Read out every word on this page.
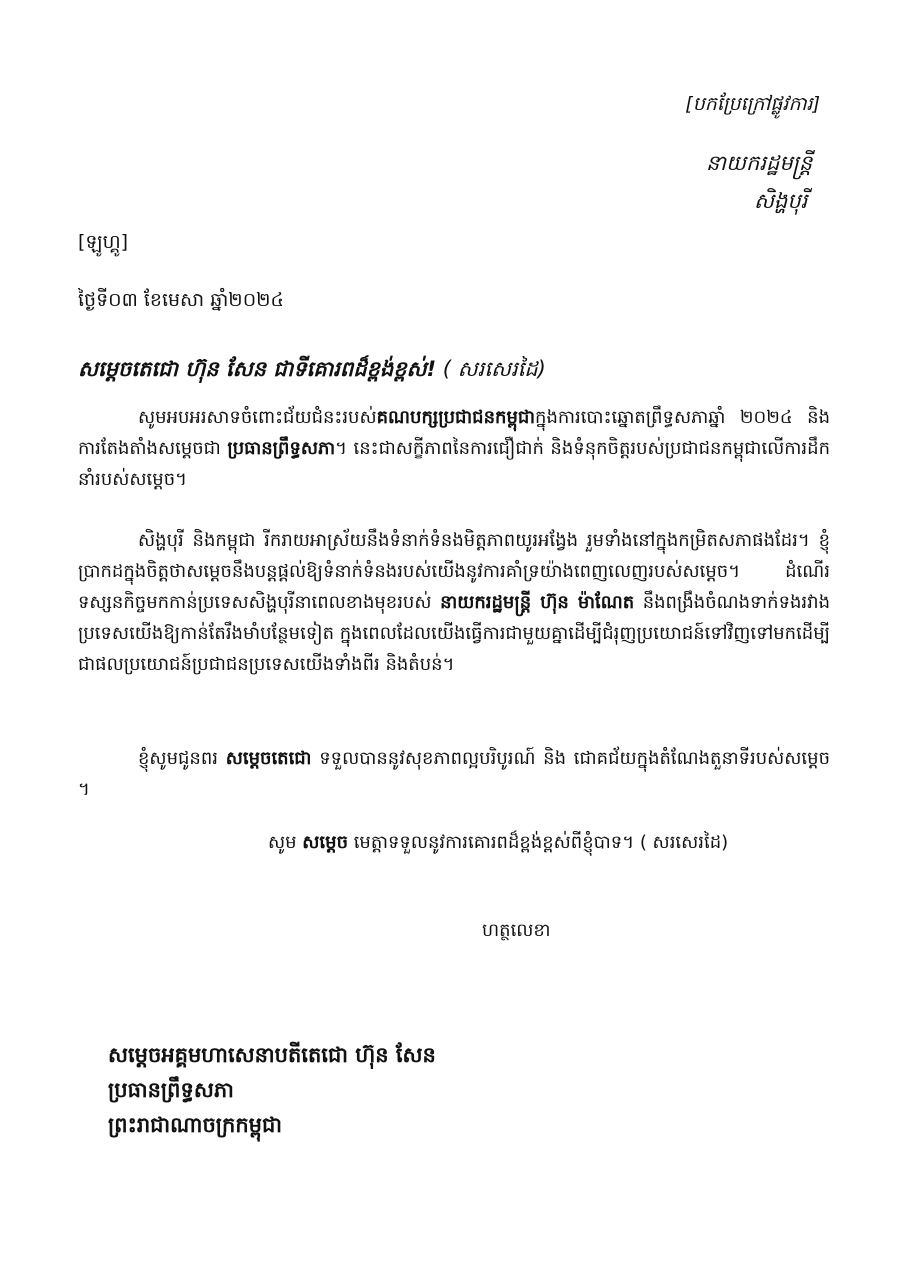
[បកប្រែក្រៅផ្លូវការ]
នាយករដ្ឋមន្ត្រី
សិង្ហបុរី
[ឡូហ្គូ]
ថ្ងៃទី០៣ ខែមេសា ឆ្នាំ២០២៤
សម្តេចតេជោ ហ៊ុន សែន ជាទីគោរពដ៏ខ្ពង់ខ្ពស់! ( សរសេរដៃ)

សូមអបអរសាទចំពោះជ័យជំនះរបស់គណបក្សប្រជាជនកម្ពុជាក្នុងការបោះឆ្នោតព្រឹទ្ធសភាឆ្នាំ ២០២៤ និងការតែងតាំងសម្តេចជា ប្រធានព្រឹទ្ធសភា។ នេះជាសក្ខីភាពនៃការជឿជាក់ និងទំនុកចិត្តរបស់ប្រជាជនកម្ពុជាលើការដឹកនាំរបស់សម្តេច។

សិង្ហបុរី និងកម្ពុជា រីករាយអាស្រ័យនឹងទំនាក់ទំនងមិត្តភាពយូរអង្វែង រួមទាំងនៅក្នុងកម្រិតសភាផងដែរ។ ខ្ញុំប្រាកដក្នុងចិត្តថាសម្តេចនឹងបន្តផ្តល់ឱ្យទំនាក់ទំនងរបស់យើងនូវការគាំទ្រយ៉ាងពេញលេញរបស់សម្តេច។ ដំណើរទស្សនកិច្ចមកកាន់ប្រទេសសិង្ហបុរីនាពេលខាងមុខរបស់ នាយករដ្ឋមន្ត្រី ហ៊ុន ម៉ាណែត នឹងពង្រឹងចំណងទាក់ទងរវាងប្រទេសយើងឱ្យកាន់តែរឹងមាំបន្ថែមទៀត ក្នុងពេលដែលយើងធ្វើការជាមួយគ្នាដើម្បីជំរុញប្រយោជន៍ទៅវិញទៅមកដើម្បីជាផលប្រយោជន៍ប្រជាជនប្រទេសយើងទាំងពីរ និងតំបន់។

ខ្ញុំសូមជូនពរ សម្តេចតេជោ ទទួលបាននូវសុខភាពល្អបរិបូរណ៍ និង ជោគជ័យក្នុងតំណែងតួនាទីរបស់សម្តេច ។

សូម សម្តេច មេត្តាទទួលនូវការគោរពដ៏ខ្ពង់ខ្ពស់ពីខ្ញុំបាទ។ ( សរសេរដៃ)
ហត្ថលេខា
សម្តេចអគ្គមហាសេនាបតីតេជោ ហ៊ុន សែន
ប្រធានព្រឹទ្ធសភា
ព្រះរាជាណាចក្រកម្ពុជា
